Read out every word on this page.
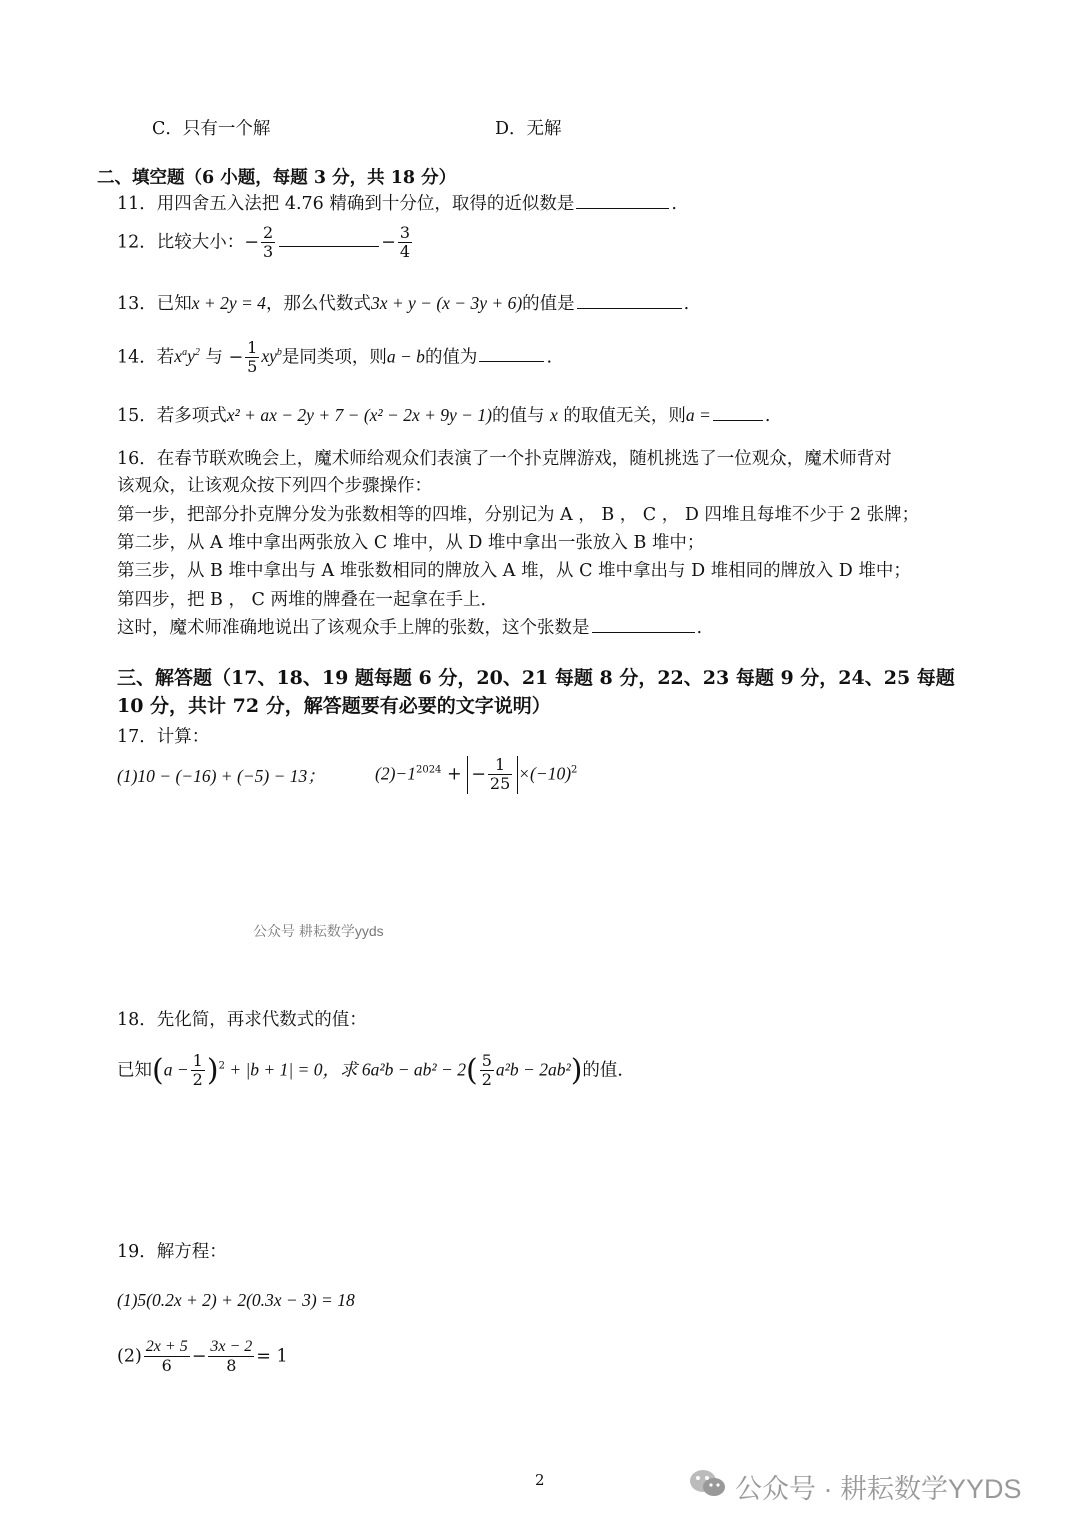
C．只有一个解	D．无解
二、填空题（6 小题，每题 3 分，共 18 分）
11．用四舍五入法把 4.76 精确到十分位，取得的近似数是	.
12．比较大小：− $\frac{2}{3}$	− $\frac{3}{4}$
13．已知x + 2y = 4，那么代数式3x + y − (x − 3y + 6)的值是	.
14．若$x^ay^2$ 与 − $\frac{1}{5} xy^b$是同类项，则a − b的值为	.
15．若多项式x² + ax − 2y + 7 − (x² − 2x + 9y − 1)的值与 x 的取值无关，则a =	.
16．在春节联欢晚会上，魔术师给观众们表演了一个扑克牌游戏，随机挑选了一位观众，魔术师背对
该观众，让该观众按下列四个步骤操作：
第一步，把部分扑克牌分发为张数相等的四堆，分别记为 A ， B ， C ， D 四堆且每堆不少于 2 张牌；
第二步，从 A 堆中拿出两张放入 C 堆中，从 D 堆中拿出一张放入 B 堆中；
第三步，从 B 堆中拿出与 A 堆张数相同的牌放入 A 堆，从 C 堆中拿出与 D 堆相同的牌放入 D 堆中；
第四步，把 B ， C 两堆的牌叠在一起拿在手上．
这时，魔术师准确地说出了该观众手上牌的张数，这个张数是	.
三、解答题（17、18、19 题每题 6 分，20、21 每题 8 分，22、23 每题 9 分，24、25 每题
10 分，共计 72 分，解答题要有必要的文字说明）
17．计算：
(1)10 − (−16) + (−5) − 13；	$(2)-1^{2024}$ + − $\frac{1}{25} \times(-10)^2$
公众号 耕耘数学yyds
18．先化简，再求代数式的值：
已知$(a - \frac{1}{2} )^2 + |b + 1| = 0$，求 $6a^2b - ab^2 - 2( \frac{5}{2} a^2b - 2ab^2)$的值．
19．解方程：
(1)5(0.2x + 2) + 2(0.3x − 3) = 18
$(2) \frac{2x + 5}{6} - \frac{3x - 2}{8} = 1$
2	公众号 · 耕耘数学YYDS
